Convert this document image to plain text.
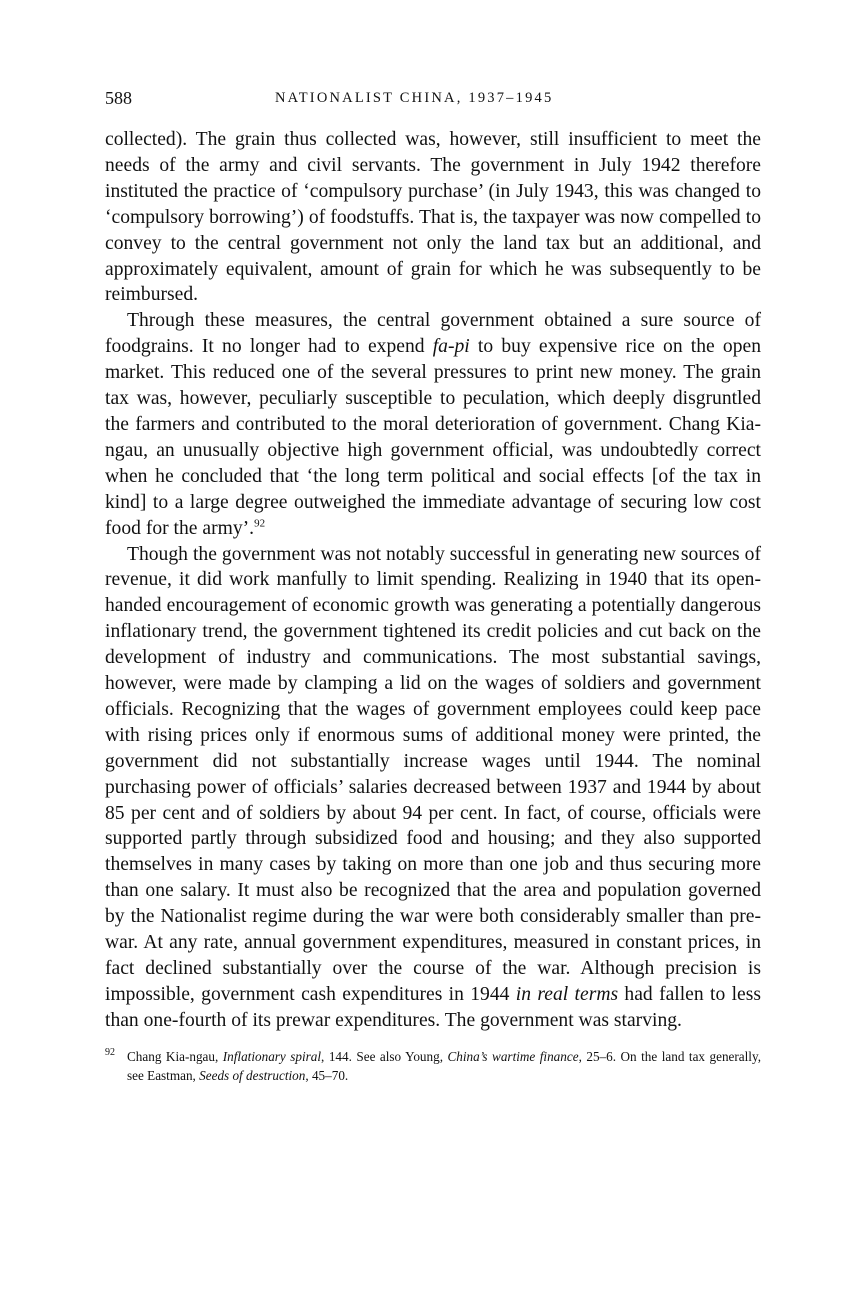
588	NATIONALIST CHINA, 1937–1945

collected). The grain thus collected was, however, still insufficient to meet the needs of the army and civil servants. The government in July 1942 therefore instituted the practice of ‘compulsory purchase’ (in July 1943, this was changed to ‘compulsory borrowing’) of foodstuffs. That is, the taxpayer was now compelled to convey to the central government not only the land tax but an additional, and approximately equivalent, amount of grain for which he was subsequently to be reimbursed.

Through these measures, the central government obtained a sure source of foodgrains. It no longer had to expend fa-pi to buy expensive rice on the open market. This reduced one of the several pressures to print new money. The grain tax was, however, peculiarly susceptible to peculation, which deeply disgruntled the farmers and contributed to the moral deterioration of government. Chang Kia-ngau, an unusually objective high government official, was undoubtedly correct when he concluded that ‘the long term political and social effects [of the tax in kind] to a large degree outweighed the immediate advantage of securing low cost food for the army’.$^{92}$

Though the government was not notably successful in generating new sources of revenue, it did work manfully to limit spending. Realizing in 1940 that its open-handed encouragement of economic growth was generating a potentially dangerous inflationary trend, the government tightened its credit policies and cut back on the development of industry and communications. The most substantial savings, however, were made by clamping a lid on the wages of soldiers and government officials. Recognizing that the wages of government employees could keep pace with rising prices only if enormous sums of additional money were printed, the government did not substantially increase wages until 1944. The nominal purchasing power of officials’ salaries decreased between 1937 and 1944 by about 85 per cent and of soldiers by about 94 per cent. In fact, of course, officials were supported partly through subsidized food and housing; and they also supported themselves in many cases by taking on more than one job and thus securing more than one salary. It must also be recognized that the area and population governed by the Nationalist regime during the war were both considerably smaller than pre-war. At any rate, annual government expenditures, measured in constant prices, in fact declined substantially over the course of the war. Although precision is impossible, government cash expenditures in 1944 in real terms had fallen to less than one-fourth of its prewar expenditures. The government was starving.

92 Chang Kia-ngau, Inflationary spiral, 144. See also Young, China’s wartime finance, 25–6. On the land tax generally, see Eastman, Seeds of destruction, 45–70.
